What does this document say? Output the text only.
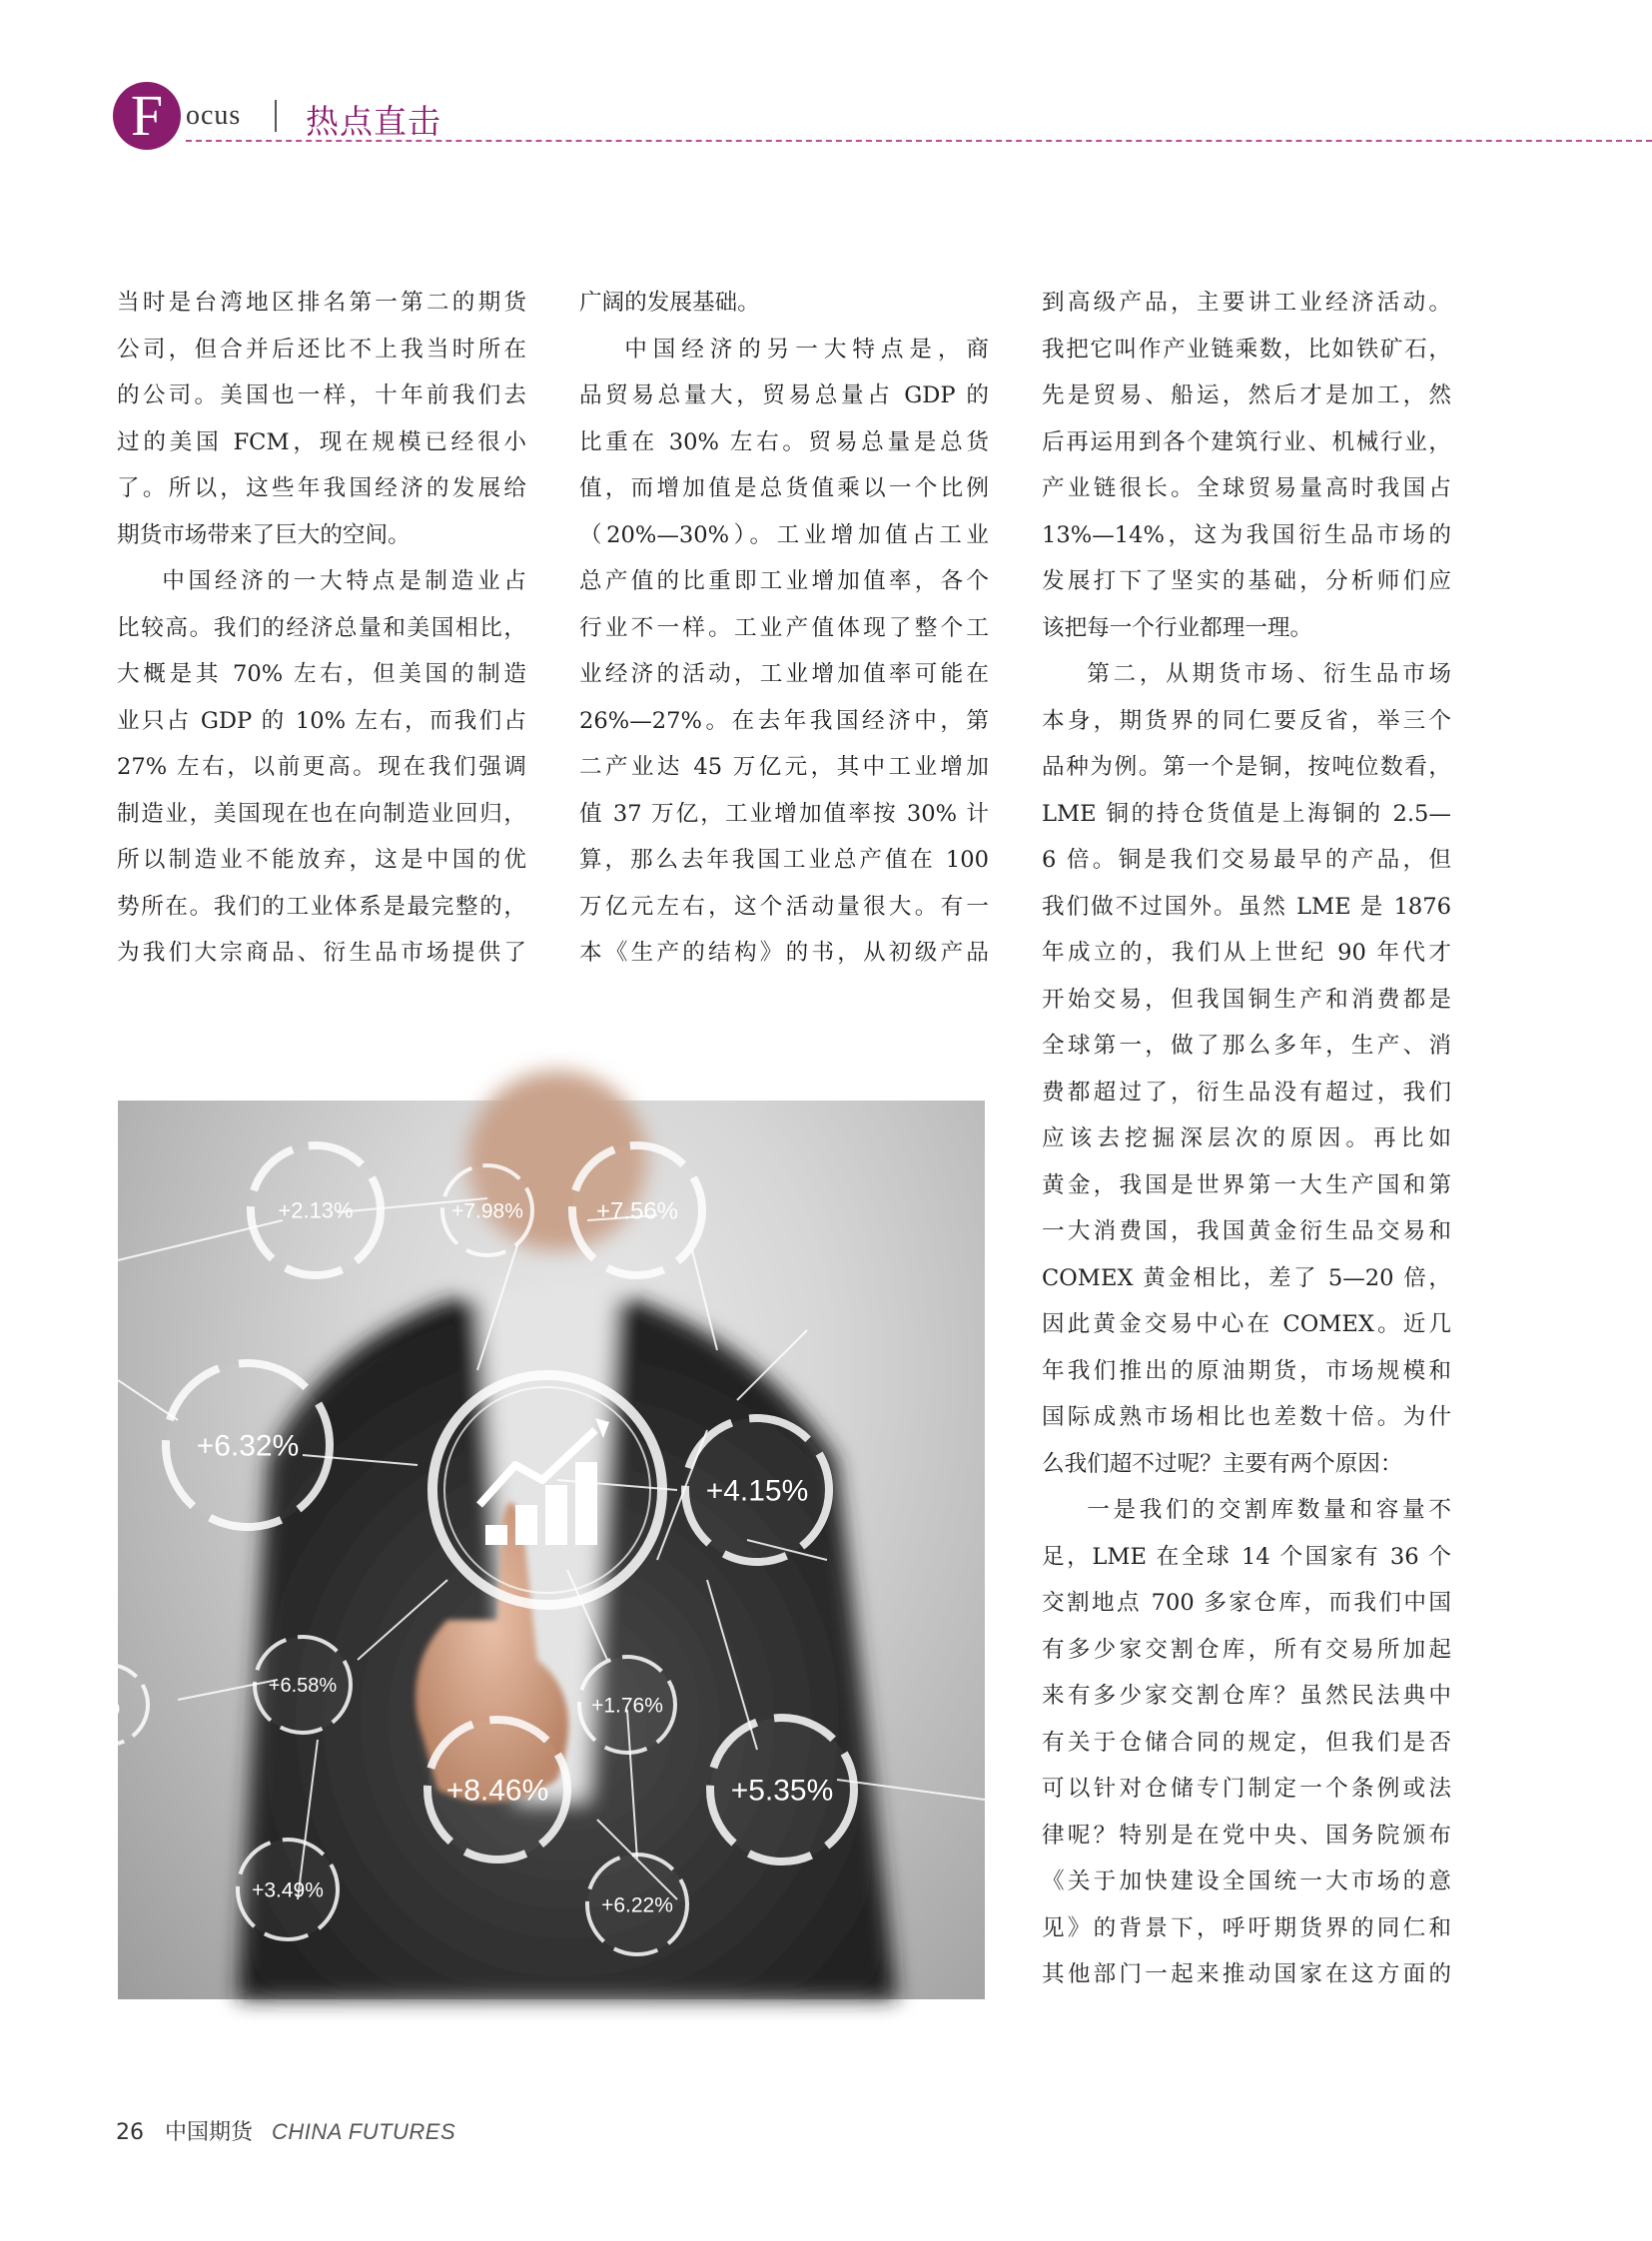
F ocus 热点直击

当时是台湾地区排名第一第二的期货
公司，但合并后还比不上我当时所在
的公司。美国也一样，十年前我们去
过的美国 FCM，现在规模已经很小
了。所以，这些年我国经济的发展给
期货市场带来了巨大的空间。

中国经济的一大特点是制造业占
比较高。我们的经济总量和美国相比，
大概是其 70% 左右，但美国的制造
业只占 GDP 的 10% 左右，而我们占
27% 左右，以前更高。现在我们强调
制造业，美国现在也在向制造业回归，
所以制造业不能放弃，这是中国的优
势所在。我们的工业体系是最完整的，
为我们大宗商品、衍生品市场提供了

广阔的发展基础。

中国经济的另一大特点是，商
品贸易总量大，贸易总量占 GDP 的
比重在 30% 左右。贸易总量是总货
值，而增加值是总货值乘以一个比例
（20%—30%）。工业增加值占工业
总产值的比重即工业增加值率，各个
行业不一样。工业产值体现了整个工
业经济的活动，工业增加值率可能在
26%—27%。在去年我国经济中，第
二产业达 45 万亿元，其中工业增加
值 37 万亿，工业增加值率按 30% 计
算，那么去年我国工业总产值在 100
万亿元左右，这个活动量很大。有一
本《生产的结构》的书，从初级产品

到高级产品，主要讲工业经济活动。
我把它叫作产业链乘数，比如铁矿石，
先是贸易、船运，然后才是加工，然
后再运用到各个建筑行业、机械行业，
产业链很长。全球贸易量高时我国占
13%—14%，这为我国衍生品市场的
发展打下了坚实的基础，分析师们应
该把每一个行业都理一理。

第二，从期货市场、衍生品市场
本身，期货界的同仁要反省，举三个
品种为例。第一个是铜，按吨位数看，
LME 铜的持仓货值是上海铜的 2.5—
6 倍。铜是我们交易最早的产品，但
我们做不过国外。虽然 LME 是 1876
年成立的，我们从上世纪 90 年代才
开始交易，但我国铜生产和消费都是
全球第一，做了那么多年，生产、消
费都超过了，衍生品没有超过，我们
应该去挖掘深层次的原因。再比如
黄金，我国是世界第一大生产国和第
一大消费国，我国黄金衍生品交易和
COMEX 黄金相比，差了 5—20 倍，
因此黄金交易中心在 COMEX。近几
年我们推出的原油期货，市场规模和
国际成熟市场相比也差数十倍。为什
么我们超不过呢？主要有两个原因：

一是我们的交割库数量和容量不
足，LME 在全球 14 个国家有 36 个
交割地点 700 多家仓库，而我们中国
有多少家交割仓库，所有交易所加起
来有多少家交割仓库？虽然民法典中
有关于仓储合同的规定，但我们是否
可以针对仓储专门制定一个条例或法
律呢？特别是在党中央、国务院颁布
《关于加快建设全国统一大市场的意
见》的背景下，呼吁期货界的同仁和
其他部门一起来推动国家在这方面的

+2.13%	+7.98%	+7.56%
+6.32%
+4.15%
+6.58%
+1.76%
+8.46%	+5.35%
+3.49%
+6.22%
%
26 中国期货 CHINA FUTURES
